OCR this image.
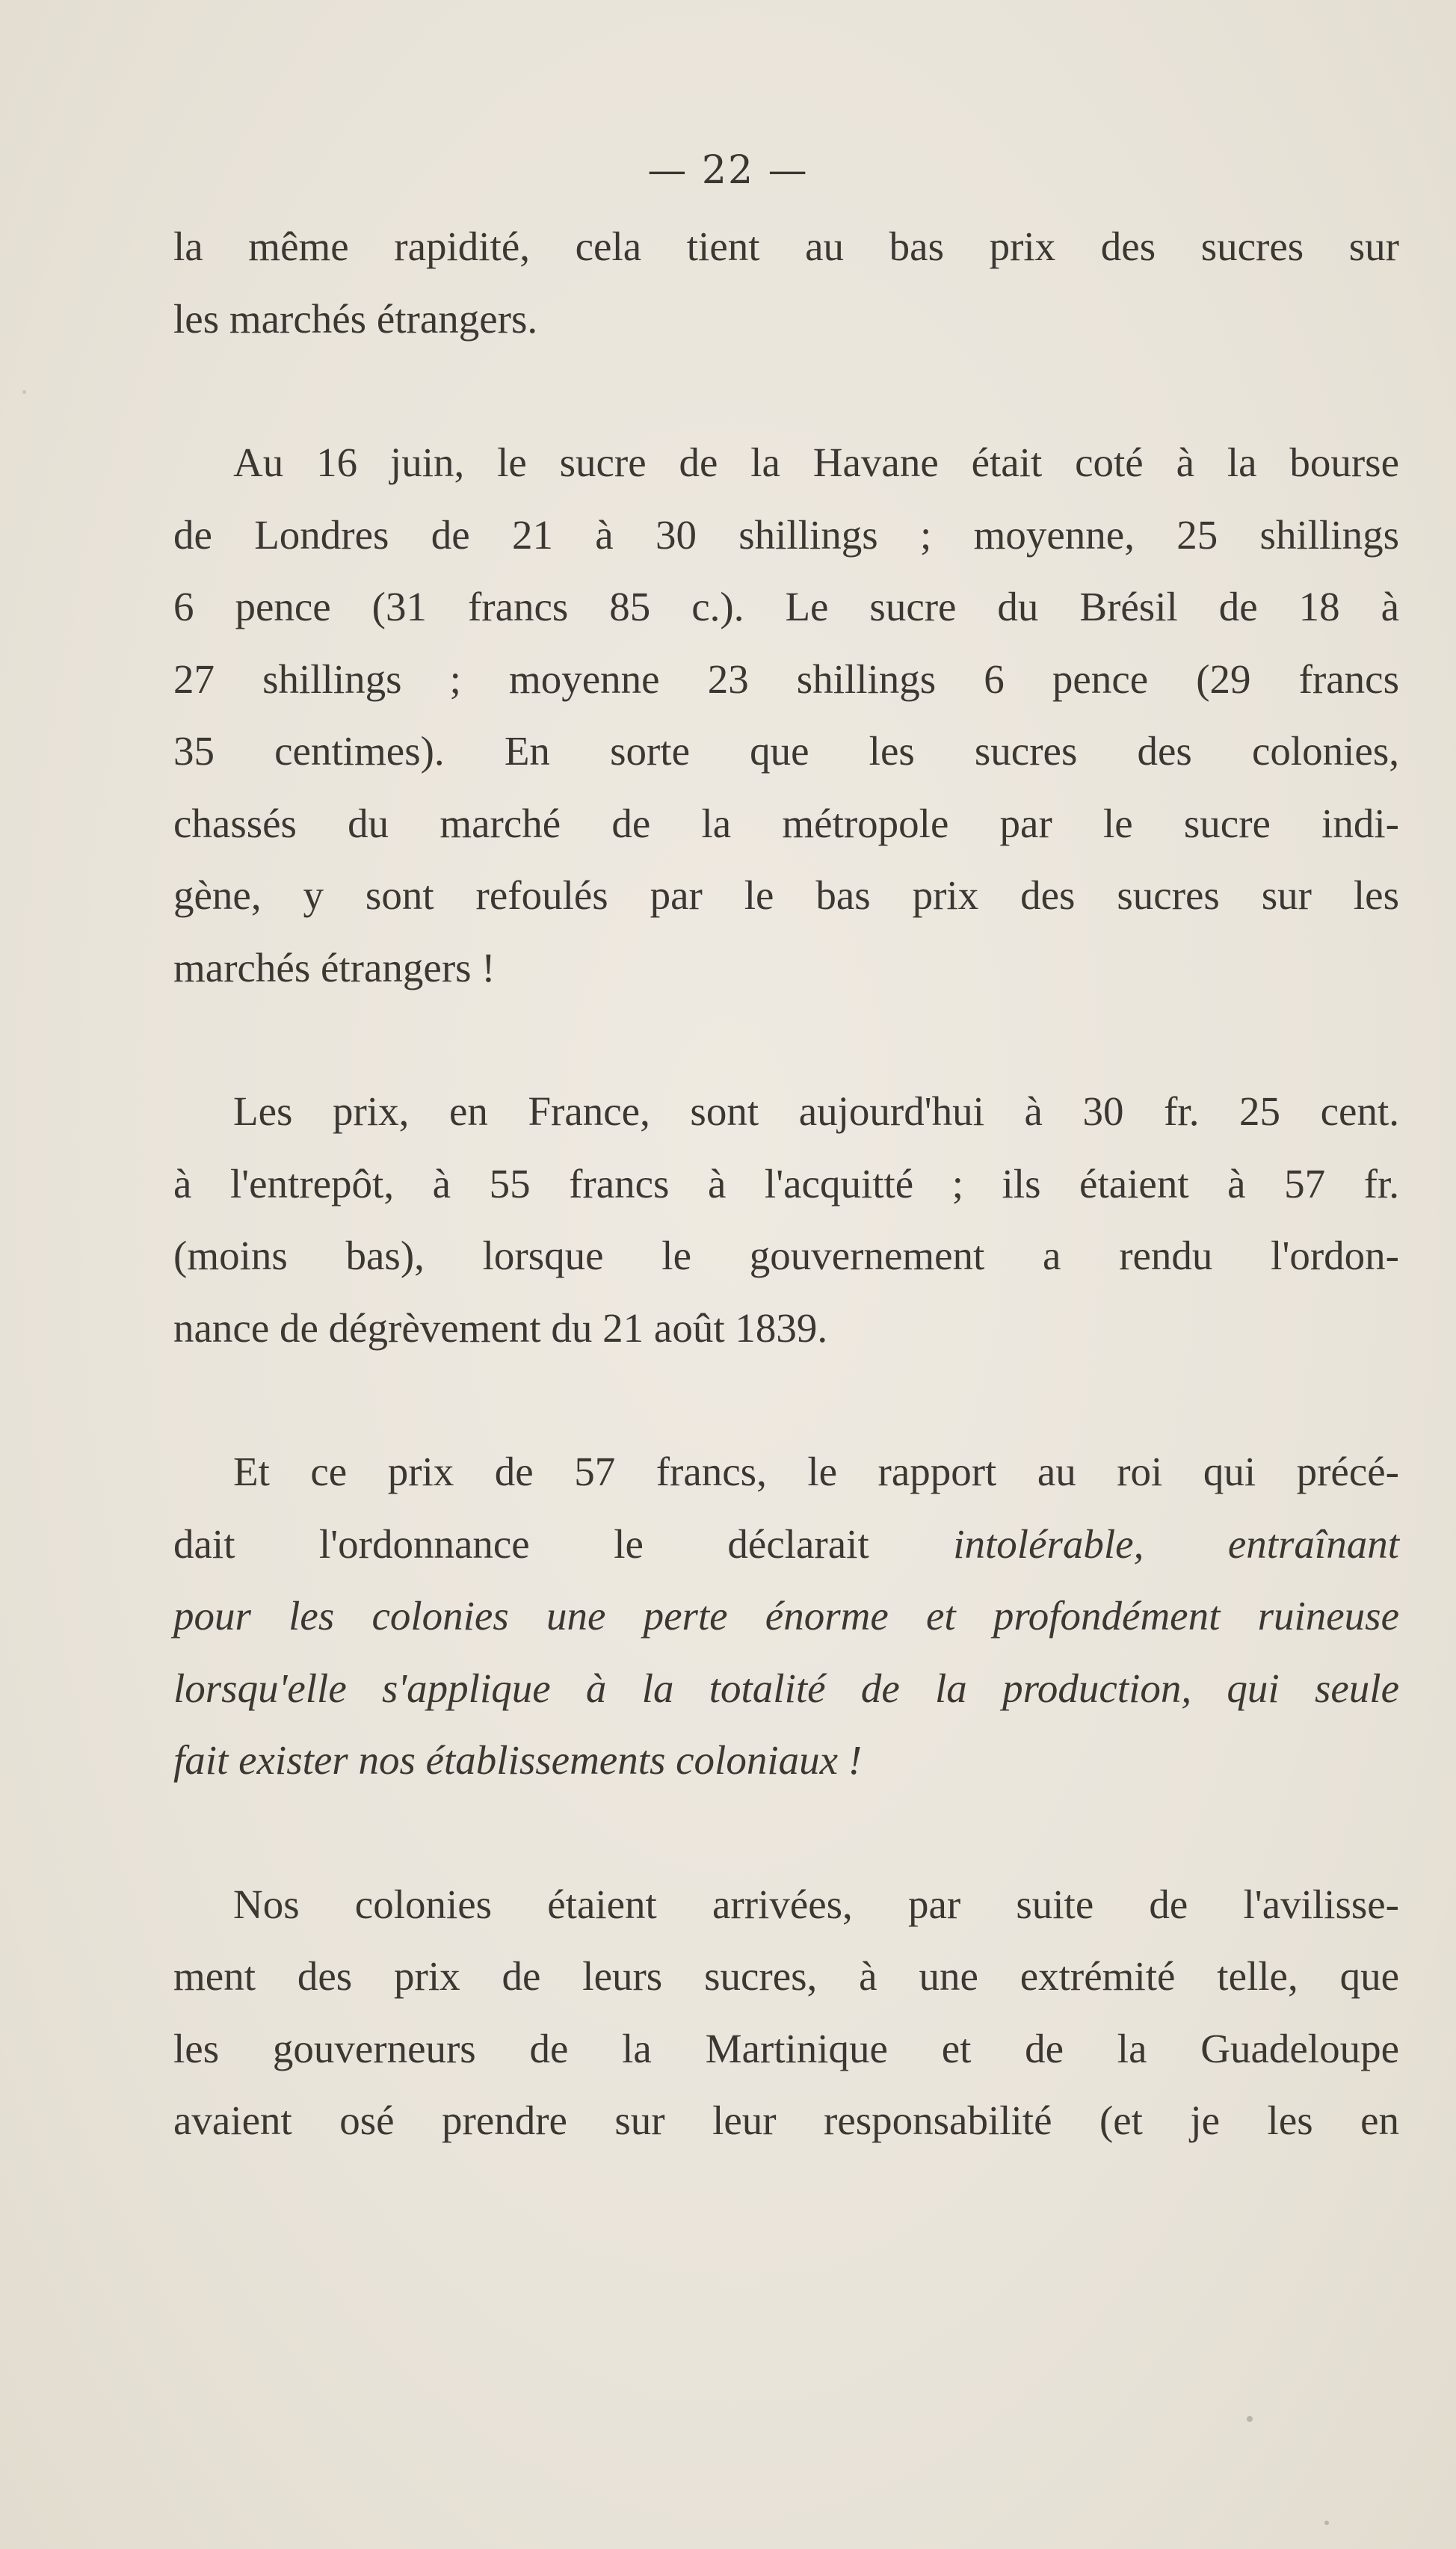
— 22 —

la même rapidité, cela tient au bas prix des sucres sur
les marchés étrangers.

Au 16 juin, le sucre de la Havane était coté à la bourse
de Londres de 21 à 30 shillings ; moyenne, 25 shillings
6 pence (31 francs 85 c.). Le sucre du Brésil de 18 à
27 shillings ; moyenne 23 shillings 6 pence (29 francs
35 centimes). En sorte que les sucres des colonies,
chassés du marché de la métropole par le sucre indi-
gène, y sont refoulés par le bas prix des sucres sur les
marchés étrangers !

Les prix, en France, sont aujourd'hui à 30 fr. 25 cent.
à l'entrepôt, à 55 francs à l'acquitté ; ils étaient à 57 fr.
(moins bas), lorsque le gouvernement a rendu l'ordon-
nance de dégrèvement du 21 août 1839.

Et ce prix de 57 francs, le rapport au roi qui précé-
dait l'ordonnance le déclarait intolérable, entraînant
pour les colonies une perte énorme et profondément ruineuse
lorsqu'elle s'applique à la totalité de la production, qui seule
fait exister nos établissements coloniaux !

Nos colonies étaient arrivées, par suite de l'avilisse-
ment des prix de leurs sucres, à une extrémité telle, que
les gouverneurs de la Martinique et de la Guadeloupe
avaient osé prendre sur leur responsabilité (et je les en
